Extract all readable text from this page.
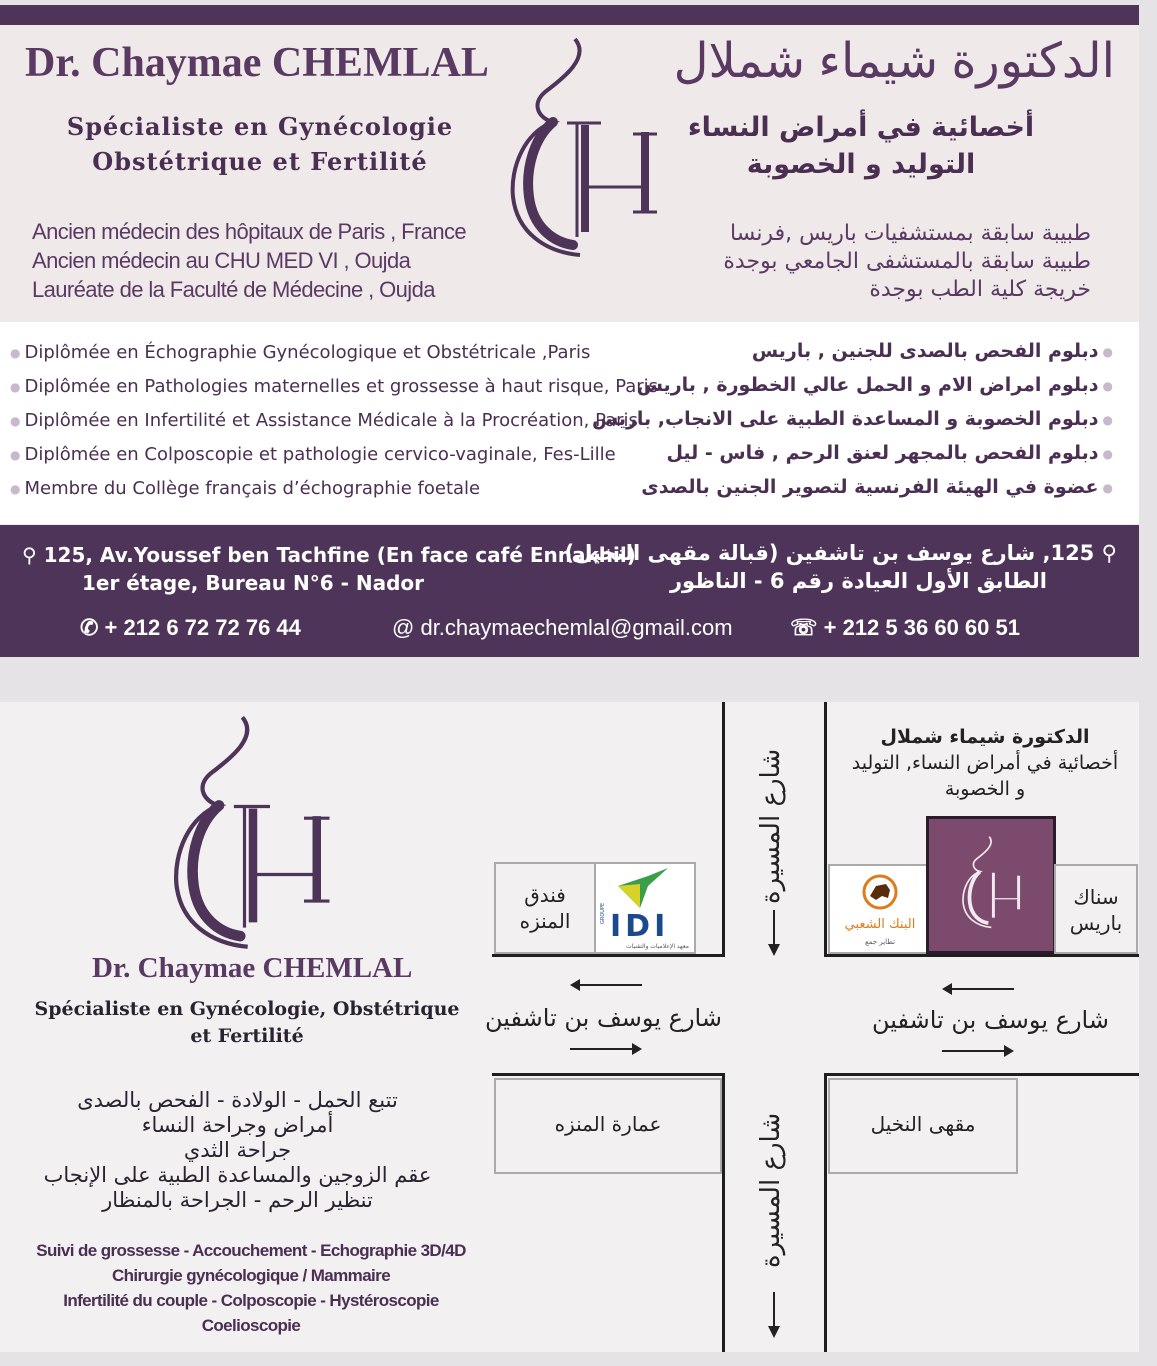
Dr. Chaymae CHEMLAL	الدكتورة شيماء شملال
Spécialiste en Gynécologie
Obstétrique et Fertilité
أخصائية في أمراض النساء
التوليد و الخصوبة
Ancien médecin des hôpitaux de Paris , France
Ancien médecin au CHU MED VI , Oujda
Lauréate de la Faculté de Médecine , Oujda
طبيبة سابقة بمستشفيات باريس ,فرنسا
طبيبة سابقة بالمستشفى الجامعي بوجدة
خريجة كلية الطب بوجدة
● Diplômée en Échographie Gynécologique et Obstétricale ,Paris
● Diplômée en Pathologies maternelles et grossesse à haut risque, Paris
● Diplômée en Infertilité et Assistance Médicale à la Procréation, Paris
● Diplômée en Colposcopie et pathologie cervico-vaginale, Fes-Lille
● Membre du Collège français d’échographie foetale
●دبلوم الفحص بالصدى للجنين , باريس
●دبلوم امراض الام و الحمل عالي الخطورة , باريس
●دبلوم الخصوبة و المساعدة الطبية على الانجاب, باريس
●دبلوم الفحص بالمجهر لعنق الرحم , فاس - ليل
●عضوة في الهيئة الفرنسية لتصوير الجنين بالصدى
⚲ 125, Av.Youssef ben Tachfine (En face café Ennakhil)
1er étage, Bureau N°6 - Nador
⚲ 125, شارع يوسف بن تاشفين (قبالة مقهى النخيل)
الطابق الأول العيادة رقم 6 - الناظور
✆ + 212 6 72 72 76 44	@ dr.chaymaechemlal@gmail.com	☏ + 212 5 36 60 60 51
Dr. Chaymae CHEMLAL
Spécialiste en Gynécologie, Obstétrique
et Fertilité
تتبع الحمل - الولادة - الفحص بالصدى
أمراض وجراحة النساء
جراحة الثدي
عقم الزوجين والمساعدة الطبية على الإنجاب
تنظير الرحم - الجراحة بالمنظار
Suivi de grossesse - Accouchement - Echographie 3D/4D
Chirurgie gynécologique / Mammaire
Infertilité du couple - Colposcopie - Hystéroscopie
Coelioscopie
الدكتورة شيماء شملال
أخصائية في أمراض النساء, التوليد
و الخصوبة
فندق
المنزه	GROUPE IDI
معهد الإعلاميات والتقنيات
البنك الشعبي
تطاير جمع
سناك
باريس
عمارة المنزه	مقهى النخيل
شارع المسيرة
شارع المسيرة
شارع يوسف بن تاشفين	شارع يوسف بن تاشفين
